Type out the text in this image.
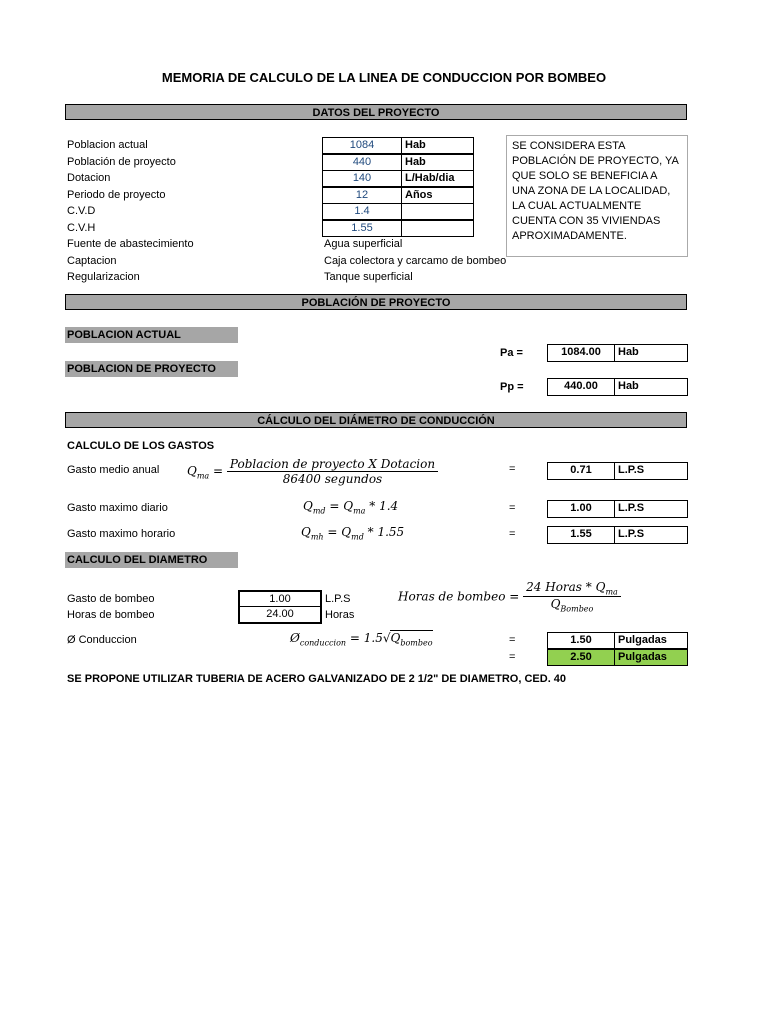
MEMORIA DE CALCULO DE LA LINEA DE CONDUCCION POR BOMBEO
DATOS DEL PROYECTO
Poblacion actual	1084	Hab
Población de proyecto	440	Hab
Dotacion	140	L/Hab/dia
Periodo de proyecto	12	Años
C.V.D	1.4
C.V.H	1.55
Fuente de abastecimiento	Agua superficial
Captacion	Caja colectora y carcamo de bombeo
Regularizacion	Tanque superficial
SE CONSIDERA ESTA POBLACIÓN DE PROYECTO, YA QUE SOLO SE BENEFICIA A UNA ZONA DE LA LOCALIDAD, LA CUAL ACTUALMENTE CUENTA CON 35 VIVIENDAS APROXIMADAMENTE.
POBLACIÓN DE PROYECTO
POBLACION ACTUAL
POBLACION DE PROYECTO
Pa =	1084.00	Hab
Pp =	440.00	Hab
CÁLCULO DEL DIÁMETRO DE CONDUCCIÓN
CALCULO DE LOS GASTOS
Gasto medio anual $Q_{ma} = \frac{\text{Poblacion de proyecto X Dotacion}}{\text{86400 segundos}}$	=	0.71	L.P.S
Gasto maximo diario	$Q_{md} = Q_{ma} * 1.4$	=	1.00	L.P.S
Gasto maximo horario	$Q_{mh} = Q_{md} * 1.55$	=	1.55	L.P.S
CALCULO DEL DIAMETRO
Gasto de bombeo	1.00	L.P.S
Horas de bombeo	24.00	Horas
Horas de bombeo = $\frac{24 Horas * Q_{ma}}{Q_{Bombeo}}$
Ø Conduccion	$Ø_{conduccion} = 1.5√Q_{bombeo}$	=	1.50	Pulgadas
=	2.50	Pulgadas
SE PROPONE UTILIZAR TUBERIA DE ACERO GALVANIZADO DE 2 1/2" DE DIAMETRO, CED. 40
